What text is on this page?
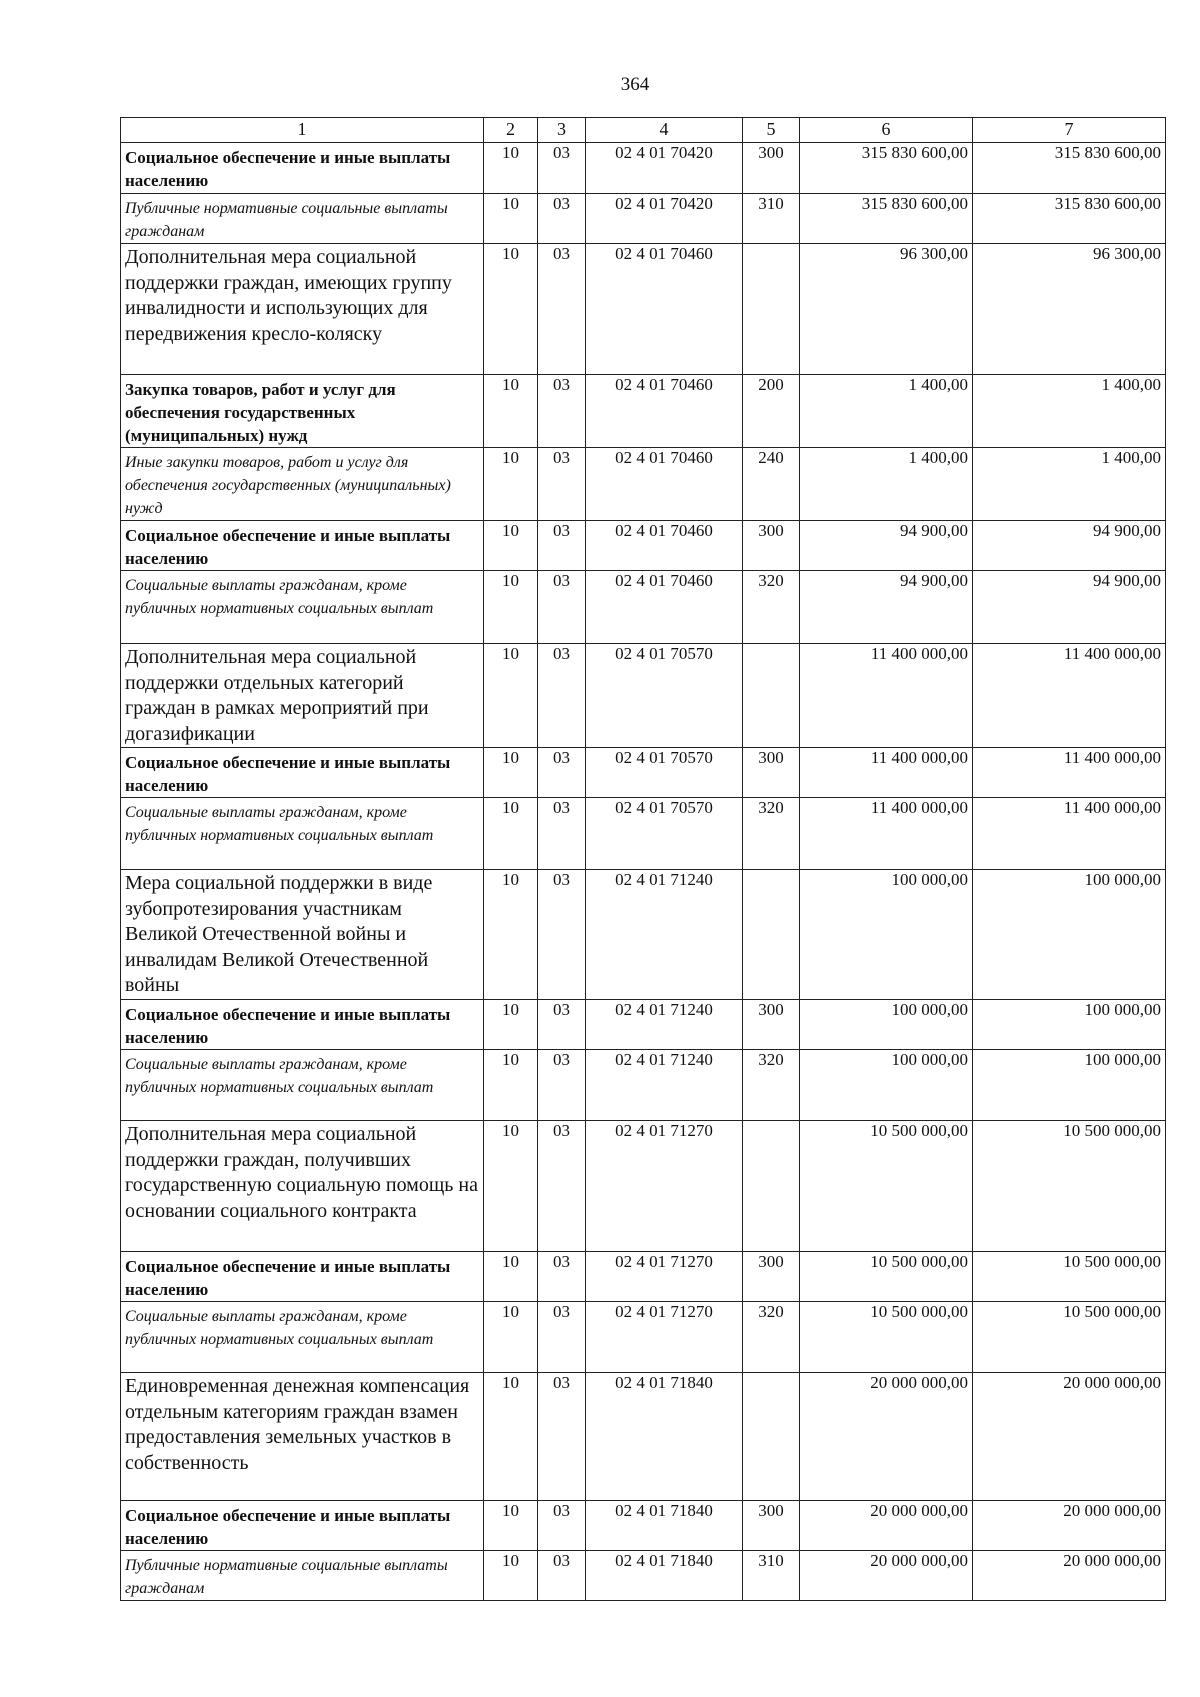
364
1	2	3	4	5	6	7
Социальное обеспечение и иные выплаты населению	10	03	02 4 01 70420	300	315 830 600,00	315 830 600,00
Публичные нормативные социальные выплаты гражданам	10	03	02 4 01 70420	310	315 830 600,00	315 830 600,00
Дополнительная мера социальной поддержки граждан, имеющих группу инвалидности и использующих для передвижения кресло-коляску	10	03	02 4 01 70460		96 300,00	96 300,00
Закупка товаров, работ и услуг для обеспечения государственных (муниципальных) нужд	10	03	02 4 01 70460	200	1 400,00	1 400,00
Иные закупки товаров, работ и услуг для обеспечения государственных (муниципальных) нужд	10	03	02 4 01 70460	240	1 400,00	1 400,00
Социальное обеспечение и иные выплаты населению	10	03	02 4 01 70460	300	94 900,00	94 900,00
Социальные выплаты гражданам, кроме публичных нормативных социальных выплат	10	03	02 4 01 70460	320	94 900,00	94 900,00
Дополнительная мера социальной поддержки отдельных категорий граждан в рамках мероприятий при догазификации	10	03	02 4 01 70570		11 400 000,00	11 400 000,00
Социальное обеспечение и иные выплаты населению	10	03	02 4 01 70570	300	11 400 000,00	11 400 000,00
Социальные выплаты гражданам, кроме публичных нормативных социальных выплат	10	03	02 4 01 70570	320	11 400 000,00	11 400 000,00
Мера социальной поддержки в виде зубопротезирования участникам Великой Отечественной войны и инвалидам Великой Отечественной войны	10	03	02 4 01 71240		100 000,00	100 000,00
Социальное обеспечение и иные выплаты населению	10	03	02 4 01 71240	300	100 000,00	100 000,00
Социальные выплаты гражданам, кроме публичных нормативных социальных выплат	10	03	02 4 01 71240	320	100 000,00	100 000,00
Дополнительная мера социальной поддержки граждан, получивших государственную социальную помощь на основании социального контракта	10	03	02 4 01 71270		10 500 000,00	10 500 000,00
Социальное обеспечение и иные выплаты населению	10	03	02 4 01 71270	300	10 500 000,00	10 500 000,00
Социальные выплаты гражданам, кроме публичных нормативных социальных выплат	10	03	02 4 01 71270	320	10 500 000,00	10 500 000,00
Единовременная денежная компенсация отдельным категориям граждан взамен предоставления земельных участков в собственность	10	03	02 4 01 71840		20 000 000,00	20 000 000,00
Социальное обеспечение и иные выплаты населению	10	03	02 4 01 71840	300	20 000 000,00	20 000 000,00
Публичные нормативные социальные выплаты гражданам	10	03	02 4 01 71840	310	20 000 000,00	20 000 000,00
